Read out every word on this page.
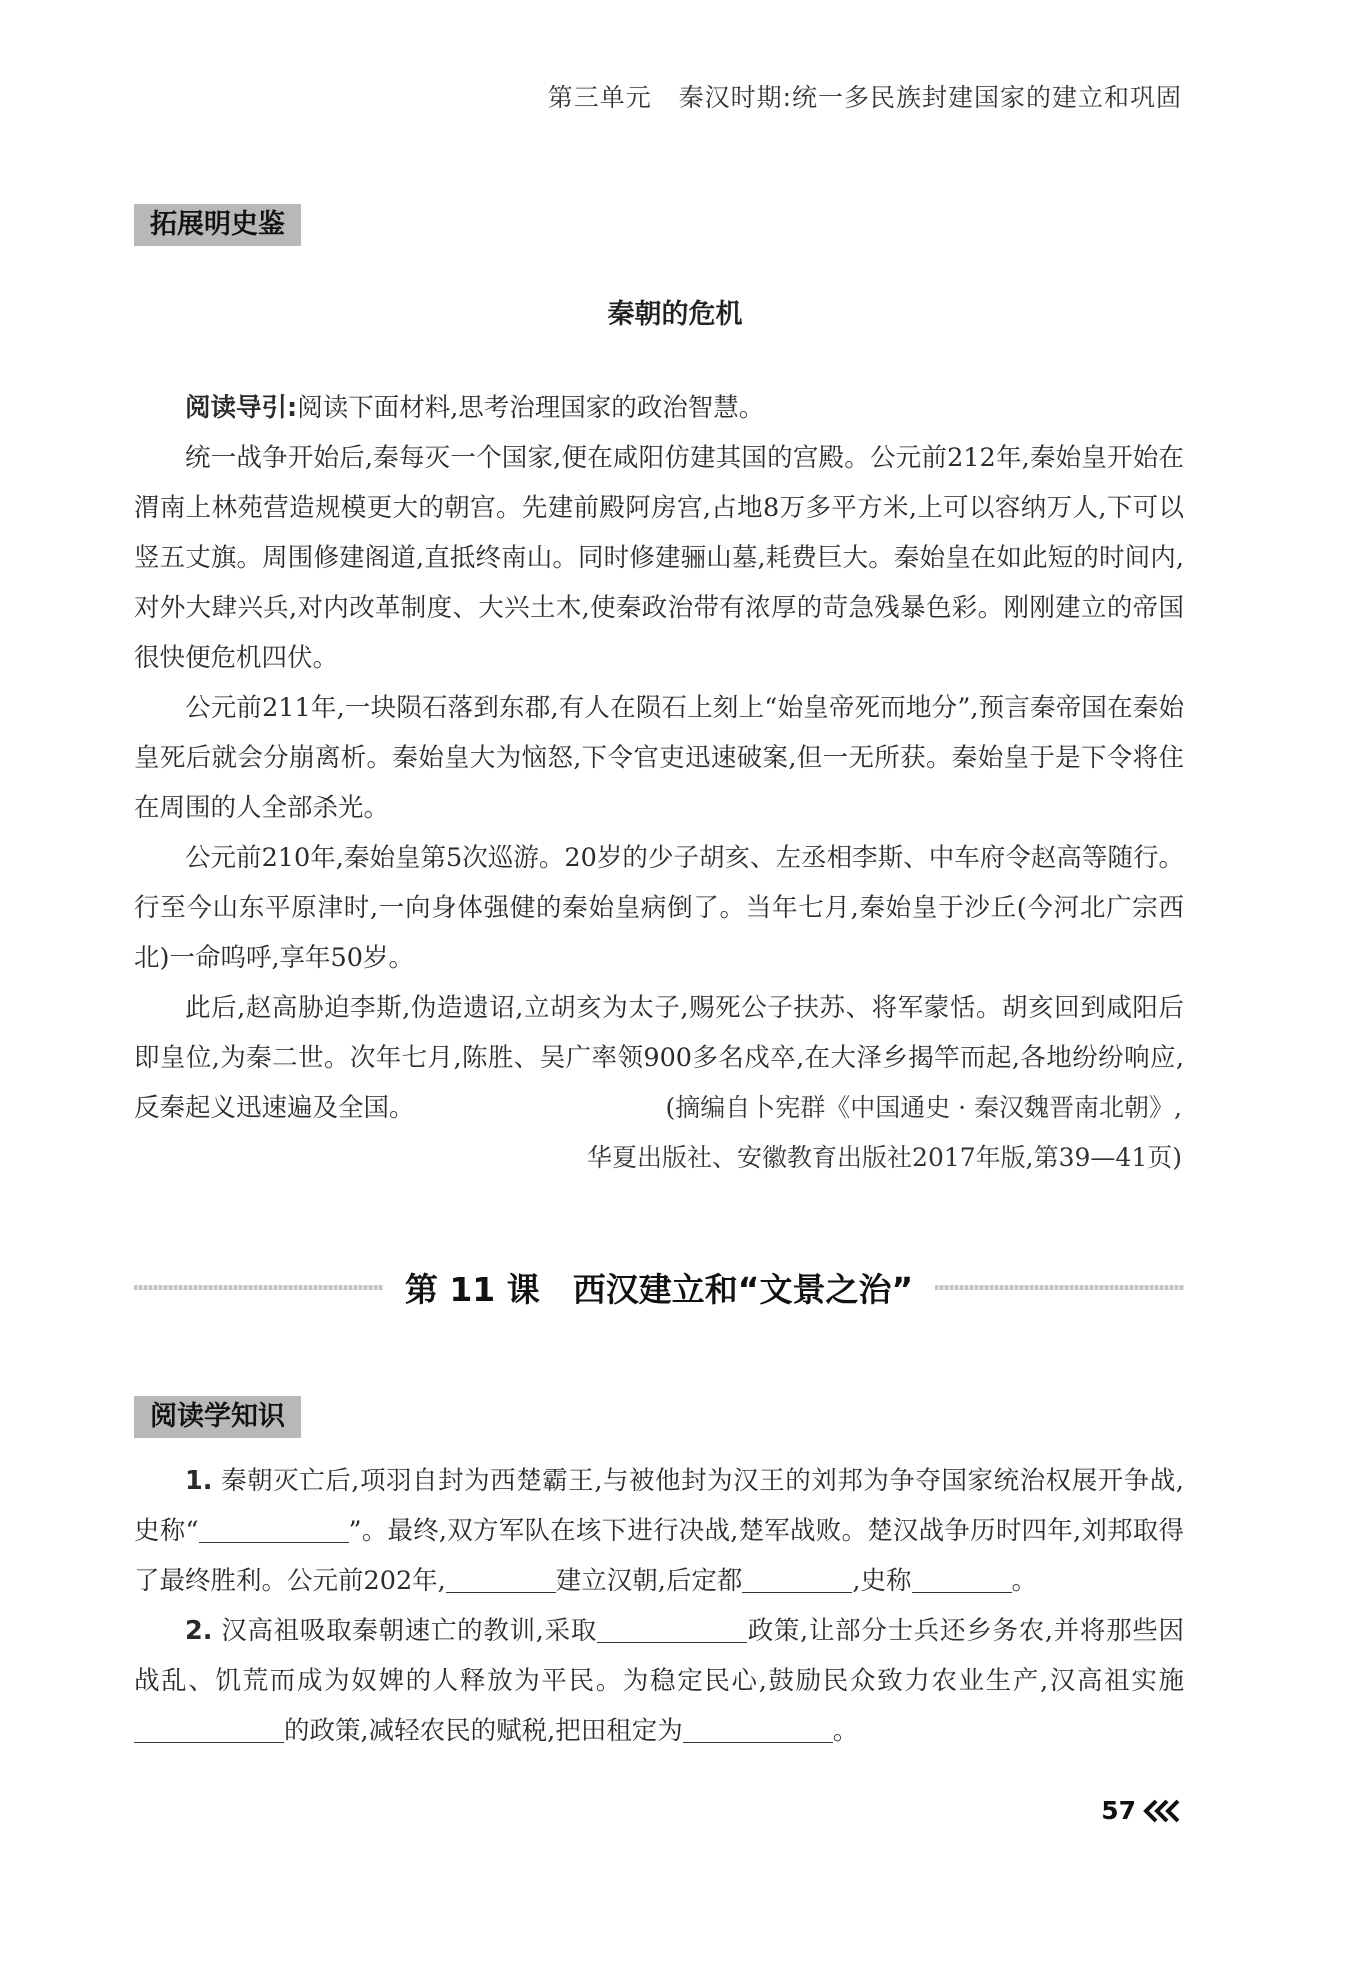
第三单元 秦汉时期:统一多民族封建国家的建立和巩固
拓展明史鉴
秦朝的危机

阅读导引:阅读下面材料,思考治理国家的政治智慧。

统一战争开始后,秦每灭一个国家,便在咸阳仿建其国的宫殿。公元前212年,秦始皇开始在渭南上林苑营造规模更大的朝宫。先建前殿阿房宫,占地8万多平方米,上可以容纳万人,下可以竖五丈旗。周围修建阁道,直抵终南山。同时修建骊山墓,耗费巨大。秦始皇在如此短的时间内,对外大肆兴兵,对内改革制度、大兴土木,使秦政治带有浓厚的苛急残暴色彩。刚刚建立的帝国很快便危机四伏。

公元前211年,一块陨石落到东郡,有人在陨石上刻上“始皇帝死而地分”,预言秦帝国在秦始皇死后就会分崩离析。秦始皇大为恼怒,下令官吏迅速破案,但一无所获。秦始皇于是下令将住在周围的人全部杀光。

公元前210年,秦始皇第5次巡游。20岁的少子胡亥、左丞相李斯、中车府令赵高等随行。行至今山东平原津时,一向身体强健的秦始皇病倒了。当年七月,秦始皇于沙丘(今河北广宗西北)一命呜呼,享年50岁。

此后,赵高胁迫李斯,伪造遗诏,立胡亥为太子,赐死公子扶苏、将军蒙恬。胡亥回到咸阳后即皇位,为秦二世。次年七月,陈胜、吴广率领900多名戍卒,在大泽乡揭竿而起,各地纷纷响应,反秦起义迅速遍及全国。	(摘编自卜宪群《中国通史 · 秦汉魏晋南北朝》,
华夏出版社、安徽教育出版社2017年版,第39—41页)
第 11 课　西汉建立和“文景之治”
阅读学知识

1. 秦朝灭亡后,项羽自封为西楚霸王,与被他封为汉王的刘邦为争夺国家统治权展开争战,史称“	”。最终,双方军队在垓下进行决战,楚军战败。楚汉战争历时四年,刘邦取得了最终胜利。公元前202年,	建立汉朝,后定都	,史称	。

2. 汉高祖吸取秦朝速亡的教训,采取	政策,让部分士兵还乡务农,并将那些因战乱、饥荒而成为奴婢的人释放为平民。为稳定民心,鼓励民众致力农业生产,汉高祖实施的政策,减轻农民的赋税,把田租定为	。

57
